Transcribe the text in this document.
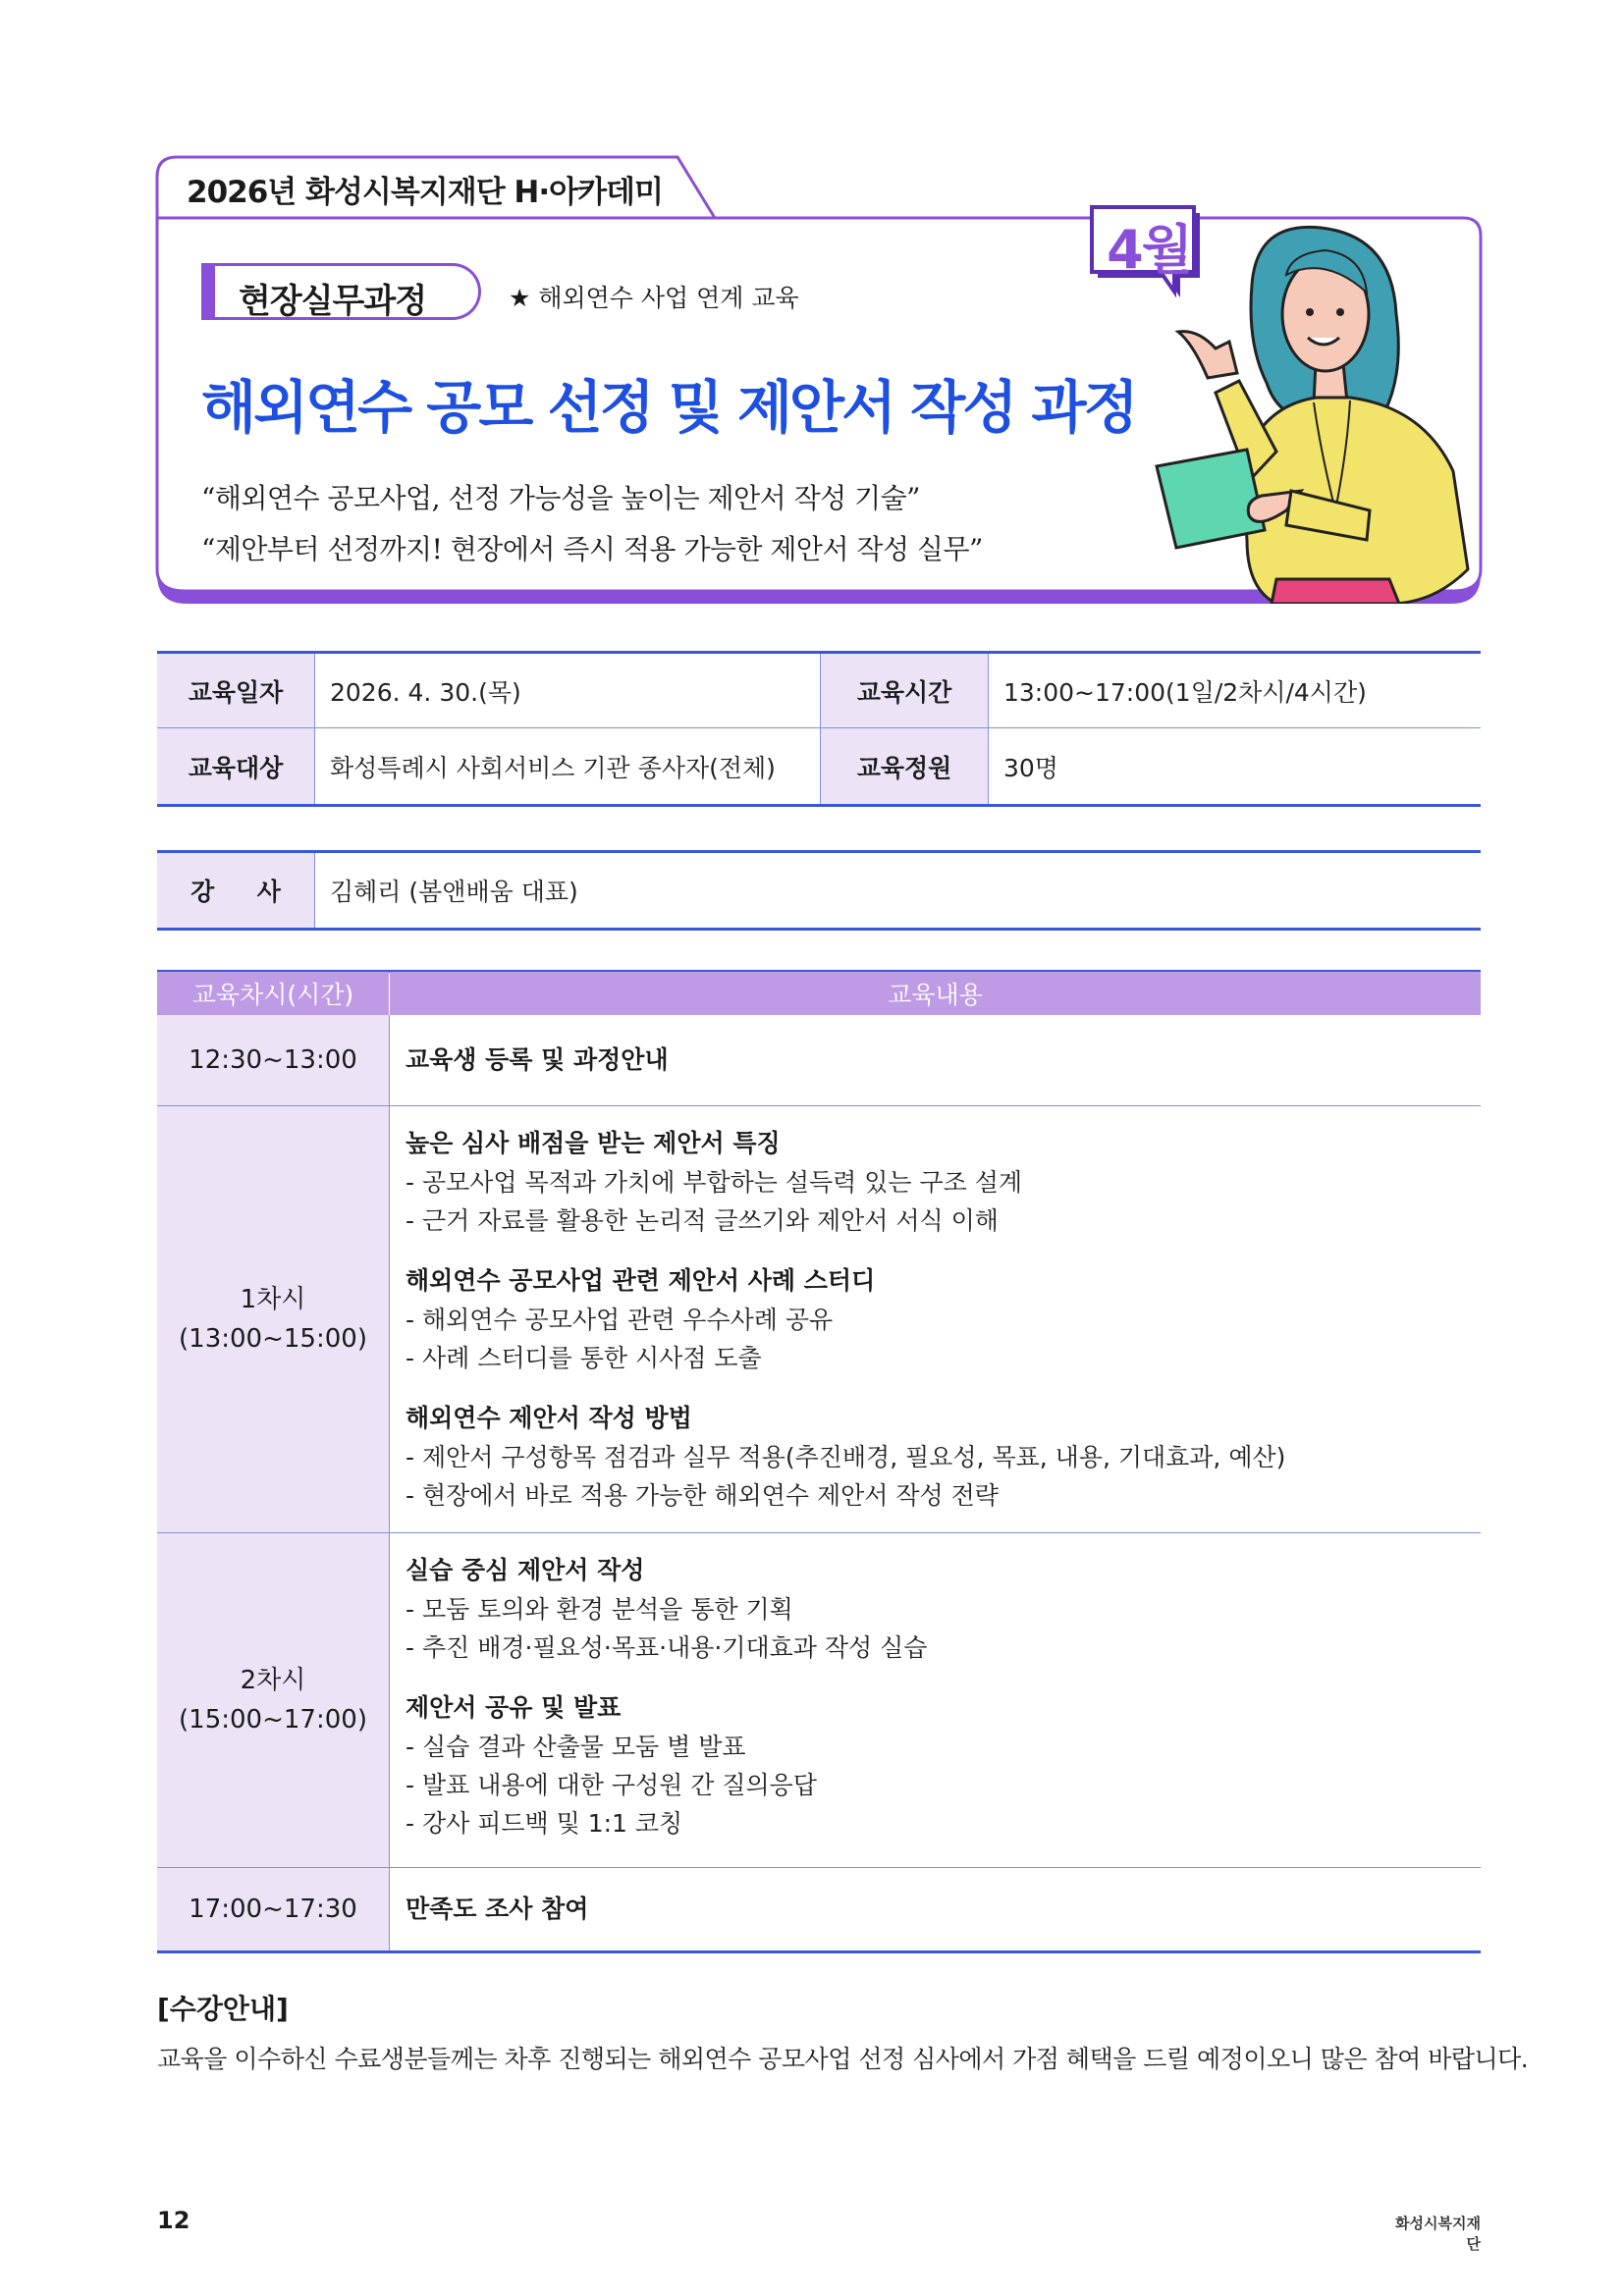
2026년 화성시복지재단 H·아카데미
현장실무과정	★ 해외연수 사업 연계 교육
해외연수 공모 선정 및 제안서 작성 과정
“해외연수 공모사업, 선정 가능성을 높이는 제안서 작성 기술”
“제안부터 선정까지! 현장에서 즉시 적용 가능한 제안서 작성 실무”
4월
교육일자	2026. 4. 30.(목)	교육시간	13:00~17:00(1일/2차시/4시간)
교육대상	화성특례시 사회서비스 기관 종사자(전체)	교육정원	30명
강     사	김혜리 (봄앤배움 대표)
교육차시(시간)	교육내용
12:30~13:00 교육생 등록 및 과정안내
1차시
(13:00~15:00)
높은 심사 배점을 받는 제안서 특징
- 공모사업 목적과 가치에 부합하는 설득력 있는 구조 설계
- 근거 자료를 활용한 논리적 글쓰기와 제안서 서식 이해
해외연수 공모사업 관련 제안서 사례 스터디
- 해외연수 공모사업 관련 우수사례 공유
- 사례 스터디를 통한 시사점 도출
해외연수 제안서 작성 방법
- 제안서 구성항목 점검과 실무 적용(추진배경, 필요성, 목표, 내용, 기대효과, 예산)
- 현장에서 바로 적용 가능한 해외연수 제안서 작성 전략
2차시
(15:00~17:00)
실습 중심 제안서 작성
- 모둠 토의와 환경 분석을 통한 기획
- 추진 배경·필요성·목표·내용·기대효과 작성 실습
제안서 공유 및 발표
- 실습 결과 산출물 모둠 별 발표
- 발표 내용에 대한 구성원 간 질의응답
- 강사 피드백 및 1:1 코칭
17:00~17:30 만족도 조사 참여
[수강안내]
교육을 이수하신 수료생분들께는 차후 진행되는 해외연수 공모사업 선정 심사에서 가점 혜택을 드릴 예정이오니 많은 참여 바랍니다.
12	화성시복지재단
